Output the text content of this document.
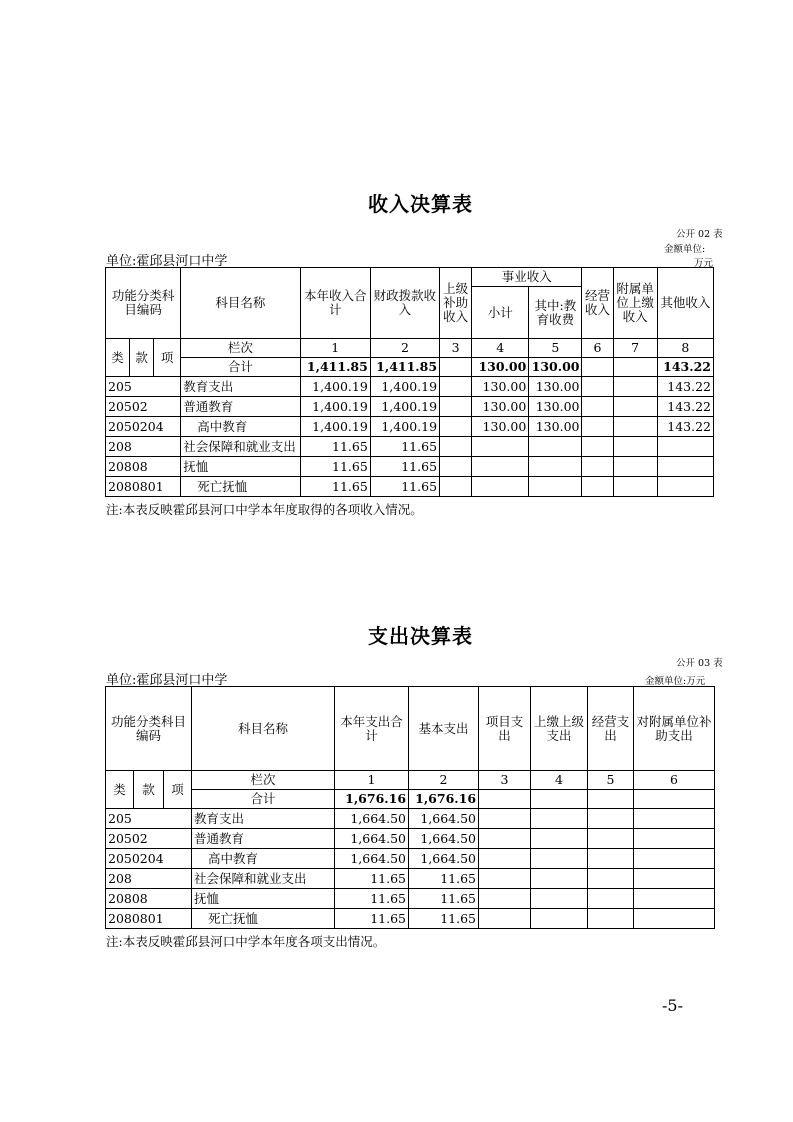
收入决算表
公开 02 表
金额单位:
万元
单位:霍邱县河口中学
功能分类科目编码			科目名称	本年收入合计	财政拨款收入	上级补助收入	事业收入		经营收入	附属单位上缴收入	其他收入
							小计	其中:教育收费			

类	款	项	栏次	1	2	3	4	5	6	7	8
			合计	1,411.85	1,411.85		130.00	130.00			143.22
205			教育支出	1,400.19	1,400.19		130.00	130.00			143.22
20502			普通教育	1,400.19	1,400.19		130.00	130.00			143.22
2050204			高中教育	1,400.19	1,400.19		130.00	130.00			143.22
208			社会保障和就业支出	11.65	11.65						
20808			抚恤	11.65	11.65						
2080801			死亡抚恤	11.65	11.65						
注:本表反映霍邱县河口中学本年度取得的各项收入情况。
支出决算表
公开 03 表
金额单位:万元
单位:霍邱县河口中学
功能分类科目编码			科目名称	本年支出合计	基本支出	项目支出	上缴上级支出	经营支出	对附属单位补助支出
类	款	项	栏次	1	2	3	4	5	6
			合计	1,676.16	1,676.16				
205			教育支出	1,664.50	1,664.50				
20502			普通教育	1,664.50	1,664.50				
2050204			高中教育	1,664.50	1,664.50				
208			社会保障和就业支出	11.65	11.65				
20808			抚恤	11.65	11.65				
2080801			死亡抚恤	11.65	11.65				
注:本表反映霍邱县河口中学本年度各项支出情况。
-5-
